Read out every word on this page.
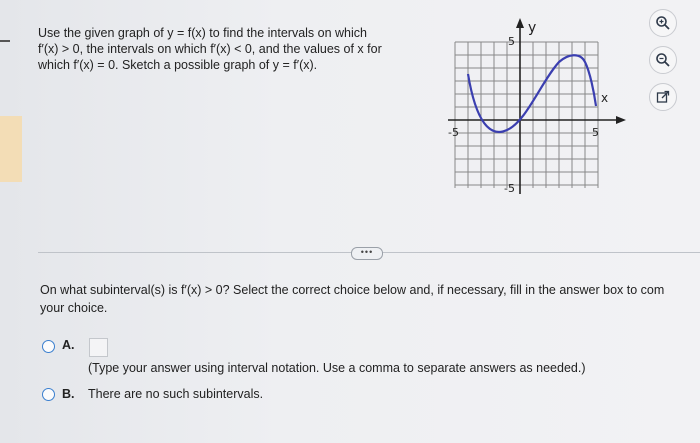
Use the given graph of y = f(x) to find the intervals on which
f′(x) > 0, the intervals on which f′(x) < 0, and the values of x for
which f′(x) = 0. Sketch a possible graph of y = f′(x).
y
x
5
-5
-5	5
•••
On what subinterval(s) is f′(x) > 0? Select the correct choice below and, if necessary, fill in the answer box to com
your choice.
A.
(Type your answer using interval notation. Use a comma to separate answers as needed.)
B. There are no such subintervals.
